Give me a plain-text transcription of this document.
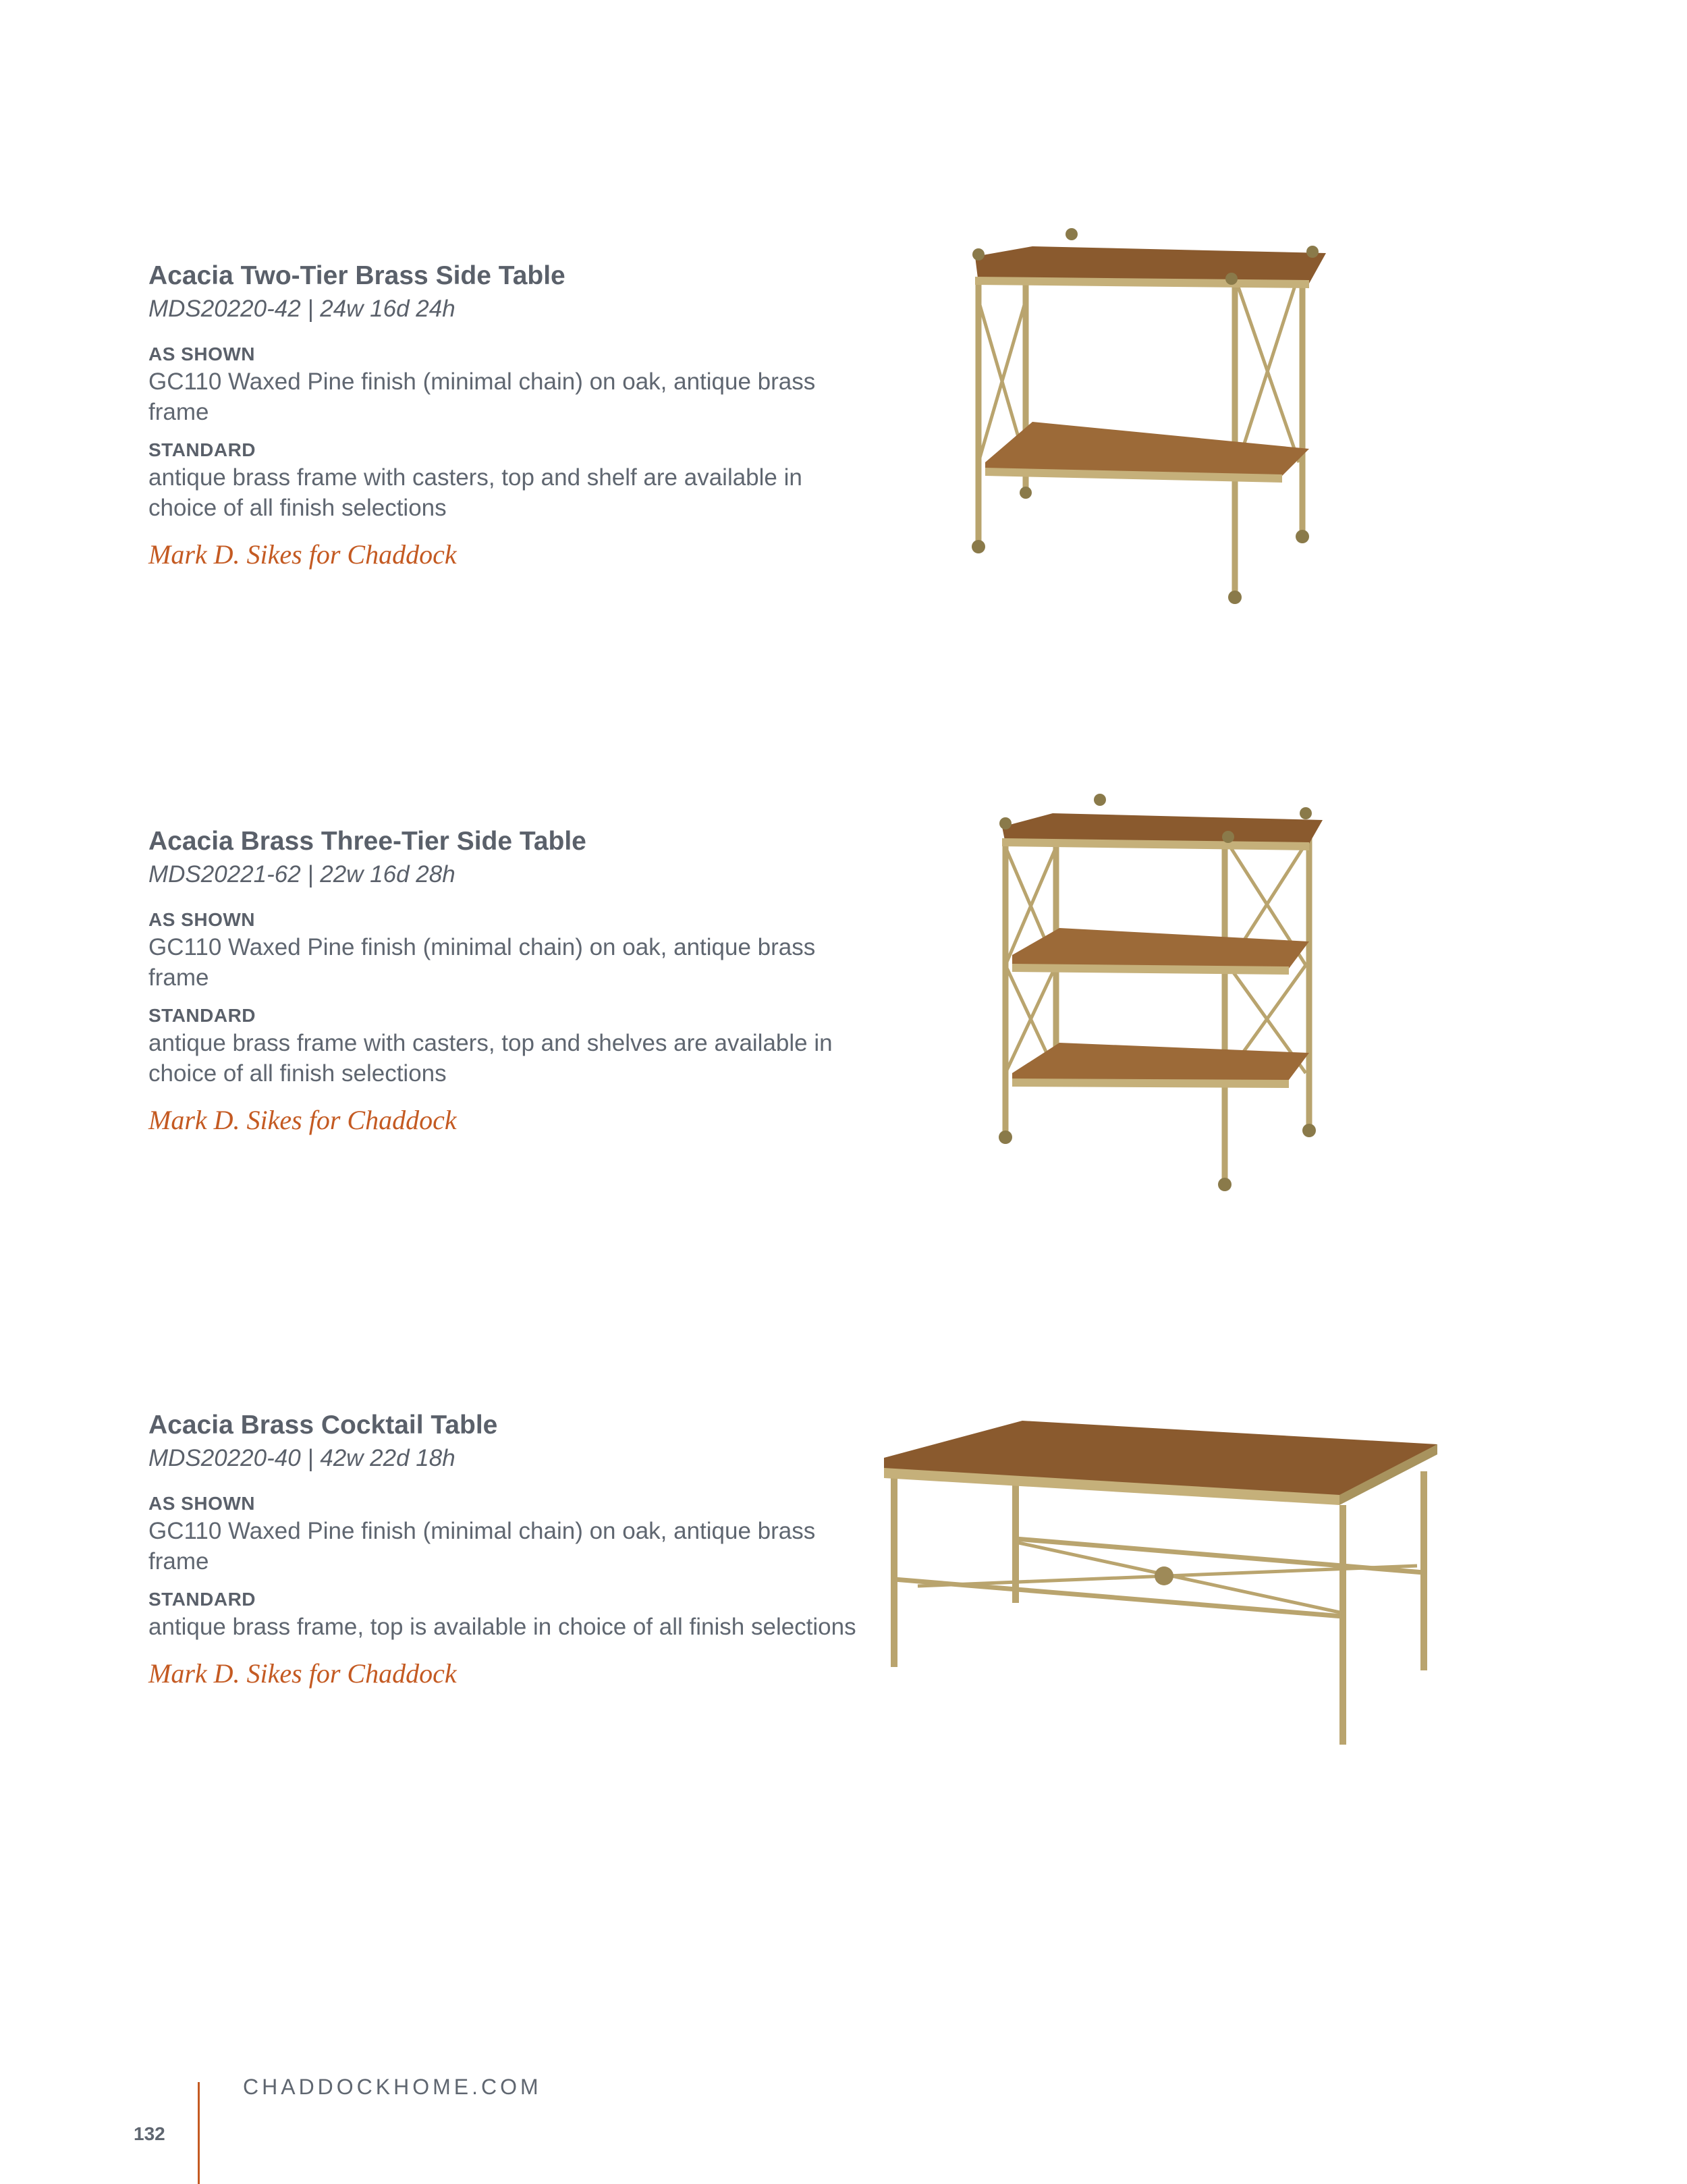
Acacia Two-Tier Brass Side Table

MDS20220-42 | 24w 16d 24h

AS SHOWN

GC110 Waxed Pine finish (minimal chain) on oak, antique brass frame

STANDARD

antique brass frame with casters, top and shelf are available in choice of all finish selections

Mark D. Sikes for Chaddock

Acacia Brass Three-Tier Side Table

MDS20221-62 | 22w 16d 28h

AS SHOWN

GC110 Waxed Pine finish (minimal chain) on oak, antique brass frame

STANDARD

antique brass frame with casters, top and shelves are available in choice of all finish selections

Mark D. Sikes for Chaddock

Acacia Brass Cocktail Table

MDS20220-40 | 42w 22d 18h

AS SHOWN

GC110 Waxed Pine finish (minimal chain) on oak, antique brass frame

STANDARD

antique brass frame, top is available in choice of all finish selections

Mark D. Sikes for Chaddock
CHADDOCKHOME.COM
132
